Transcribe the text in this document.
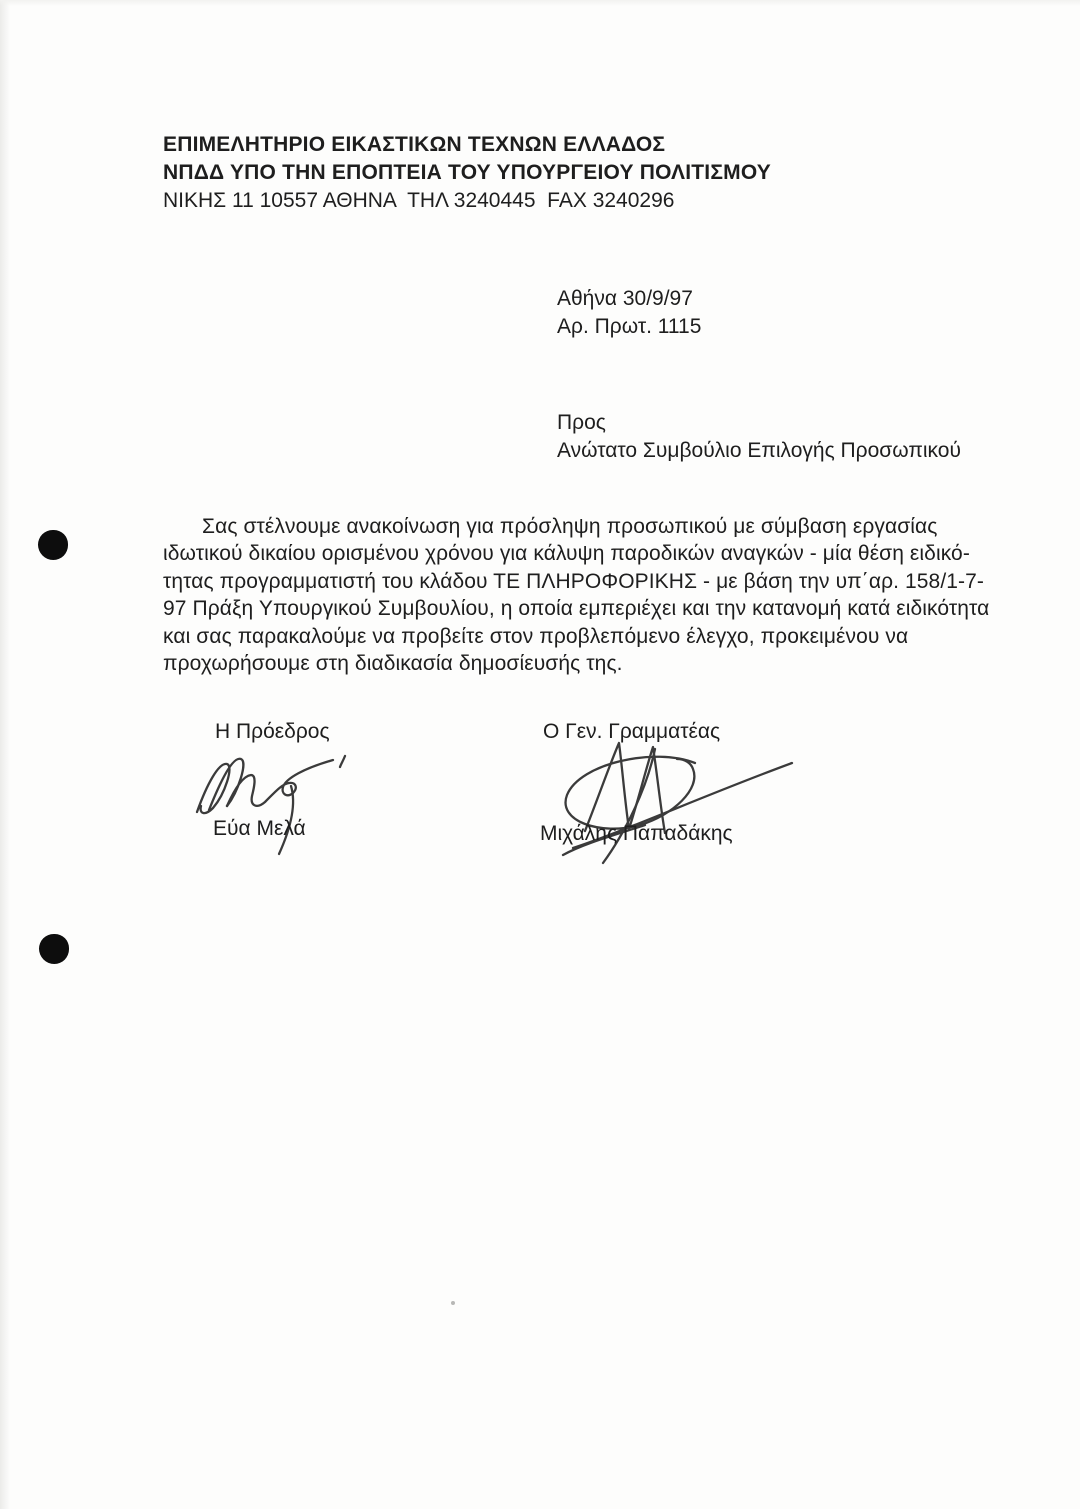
ΕΠΙΜΕΛΗΤΗΡΙΟ ΕΙΚΑΣΤΙΚΩΝ ΤΕΧΝΩΝ ΕΛΛΑΔΟΣ
ΝΠΔΔ ΥΠΟ ΤΗΝ ΕΠΟΠΤΕΙΑ ΤΟΥ ΥΠΟΥΡΓΕΙΟΥ ΠΟΛΙΤΙΣΜΟΥ
ΝΙΚΗΣ 11 10557 ΑΘΗΝΑ  ΤΗΛ 3240445  FAX 3240296
Αθήνα 30/9/97
Αρ. Πρωτ. 1115
Προς
Ανώτατο Συμβούλιο Επιλογής Προσωπικού
Σας στέλνουμε ανακοίνωση για πρόσληψη προσωπικού με σύμβαση εργασίας
ιδωτικού δικαίου ορισμένου χρόνου για κάλυψη παροδικών αναγκών - μία θέση ειδικό-
τητας προγραμματιστή του κλάδου ΤΕ ΠΛΗΡΟΦΟΡΙΚΗΣ - με βάση την υπ΄αρ. 158/1-7-
97 Πράξη Υπουργικού Συμβουλίου, η οποία εμπεριέχει και την κατανομή κατά ειδικότητα
και σας παρακαλούμε να προβείτε στον προβλεπόμενο έλεγχο, προκειμένου να
προχωρήσουμε στη διαδικασία δημοσίευσής της.
Η Πρόεδρος
Εύα Μελά
Ο Γεν. Γραμματέας
Μιχάλης Παπαδάκης
